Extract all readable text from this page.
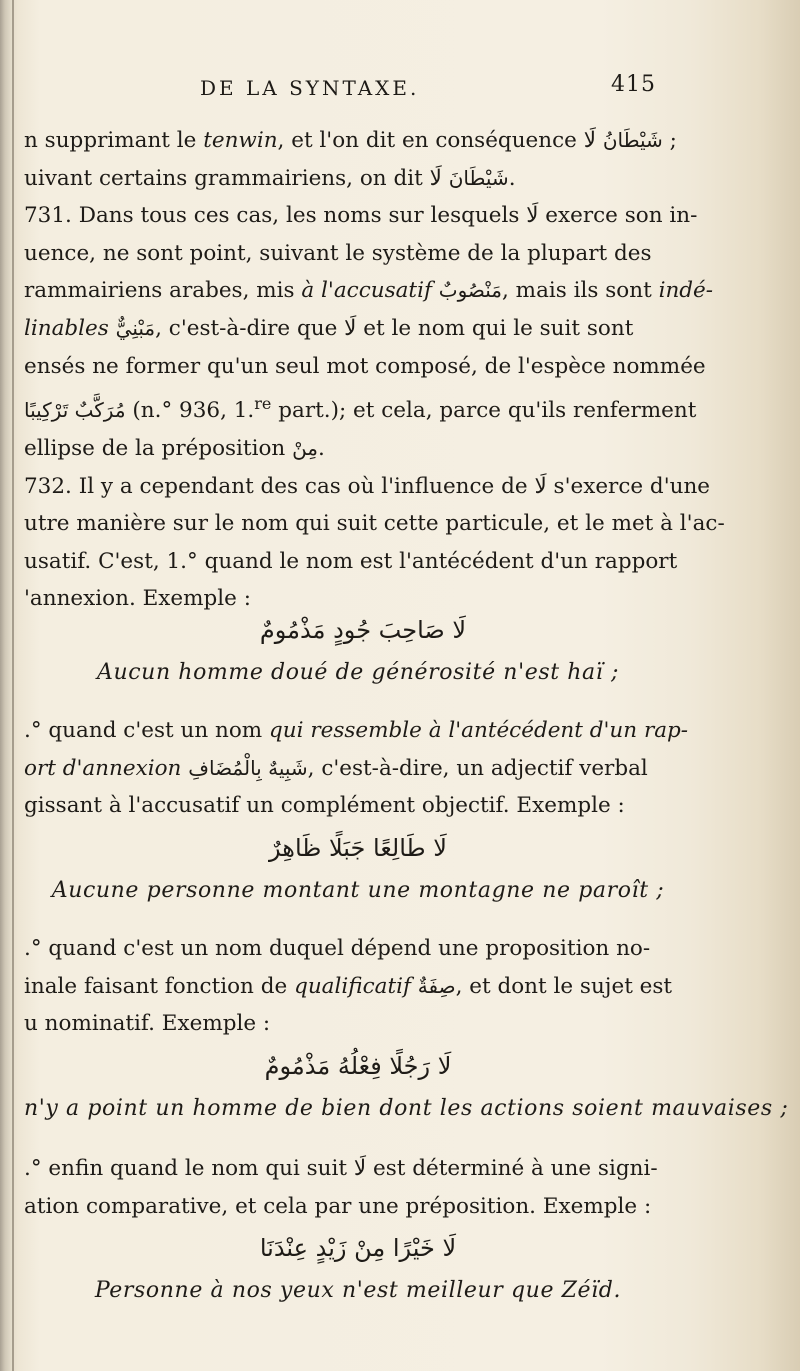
DE LA SYNTAXE.	415
n supprimant le tenwin, et l'on dit en conséquence شَيْطَانُ لَا ;
uivant certains grammairiens, on dit شَيْطَانَ لَا.
731. Dans tous ces cas, les noms sur lesquels لَا exerce son in-
uence, ne sont point, suivant le système de la plupart des
rammairiens arabes, mis à l'accusatif مَنْصُوبٌ, mais ils sont indé-
linables مَبْنِيٌّ, c'est-à-dire que لَا et le nom qui le suit sont
ensés ne former qu'un seul mot composé, de l'espèce nommée
مُرَكَّبٌ تَرْكِيبًا (n.° 936, 1.$^{re}$ part.); et cela, parce qu'ils renferment
ellipse de la préposition مِنْ.
732. Il y a cependant des cas où l'influence de لَا s'exerce d'une
utre manière sur le nom qui suit cette particule, et le met à l'ac-
usatif. C'est, 1.° quand le nom est l'antécédent d'un rapport
'annexion. Exemple :
لَا صَاحِبَ جُودٍ مَذْمُومٌ
Aucun homme doué de générosité n'est haï ;
.° quand c'est un nom qui ressemble à l'antécédent d'un rap-
ort d'annexion شَبِيهٌ بِالْمُضَافِ, c'est-à-dire, un adjectif verbal
gissant à l'accusatif un complément objectif. Exemple :
لَا طَالِعًا جَبَلًا ظَاهِرٌ
Aucune personne montant une montagne ne paroît ;
.° quand c'est un nom duquel dépend une proposition no-
inale faisant fonction de qualificatif صِفَةٌ, et dont le sujet est
u nominatif. Exemple :
لَا رَجُلًا فِعْلُهُ مَذْمُومٌ
n'y a point un homme de bien dont les actions soient mauvaises ;
.° enfin quand le nom qui suit لَا est déterminé à une signi-
ation comparative, et cela par une préposition. Exemple :
لَا خَيْرًا مِنْ زَيْدٍ عِنْدَنَا
Personne à nos yeux n'est meilleur que Zéïd.
